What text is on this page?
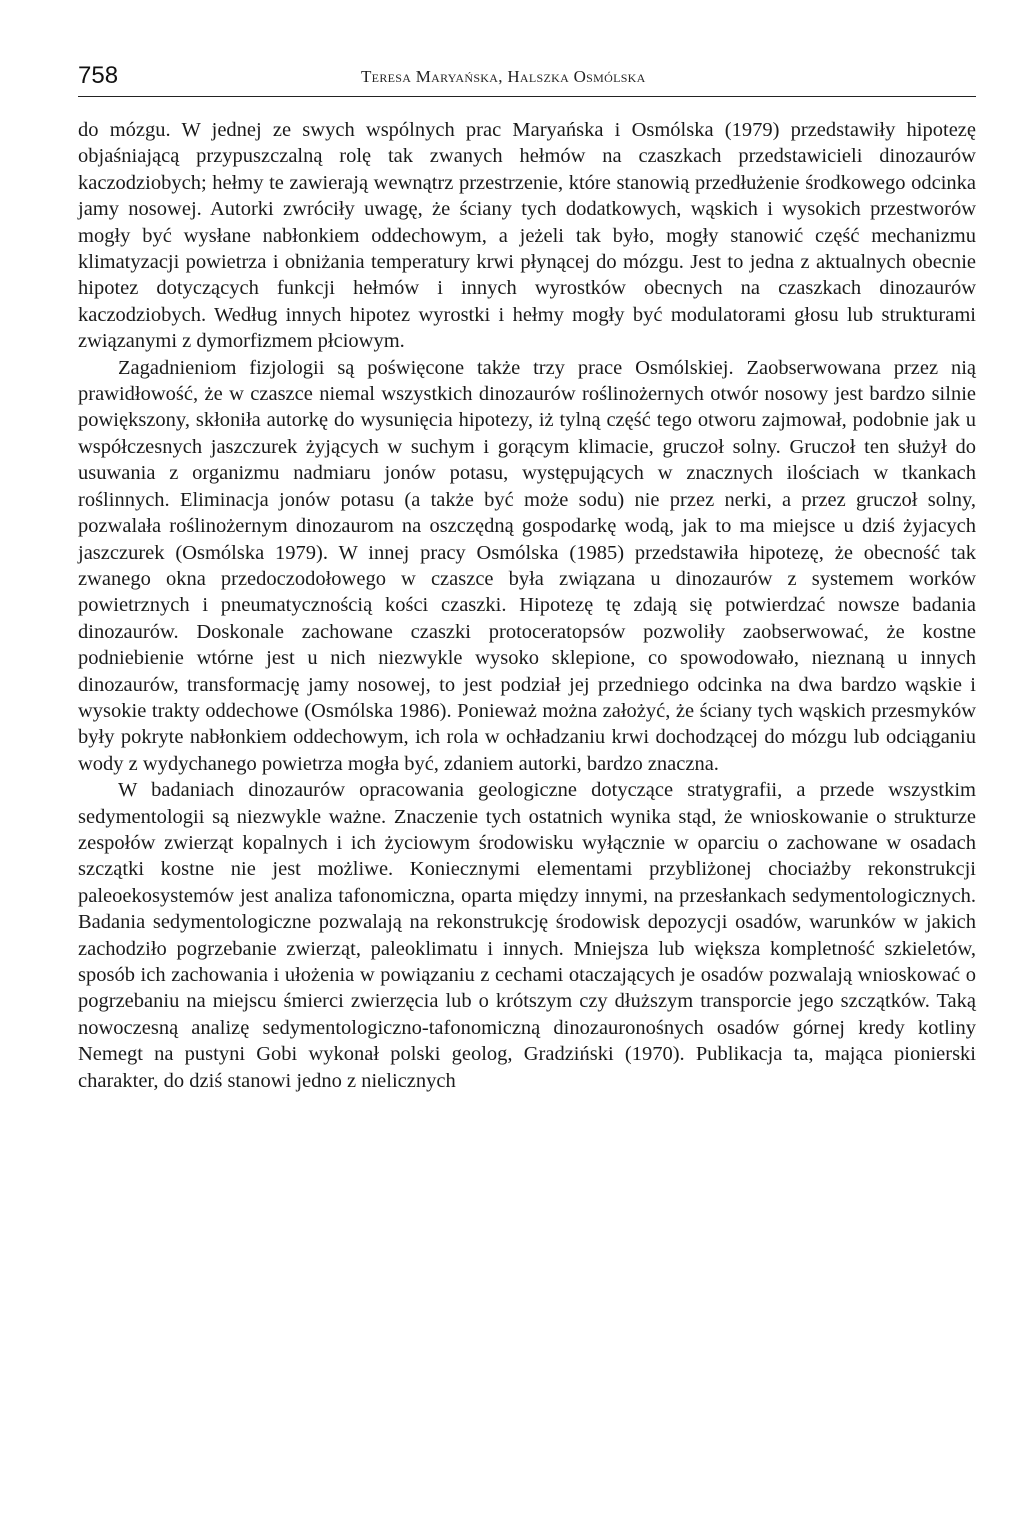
758	Teresa Maryańska, Halszka Osmólska

do mózgu. W jednej ze swych wspólnych prac Maryańska i Osmólska (1979) przedstawiły hipotezę objaśniającą przypuszczalną rolę tak zwanych hełmów na czaszkach przedstawicieli dinozaurów kaczodziobych; hełmy te zawierają wewnątrz przestrzenie, które stanowią przedłużenie środkowego odcinka jamy nosowej. Autorki zwróciły uwagę, że ściany tych dodatkowych, wąskich i wysokich przestworów mogły być wysłane nabłonkiem oddechowym, a jeżeli tak było, mogły stanowić część mechanizmu klimatyzacji powietrza i obniżania temperatury krwi płynącej do mózgu. Jest to jedna z aktualnych obecnie hipotez dotyczących funkcji hełmów i innych wyrostków obecnych na czaszkach dinozaurów kaczodziobych. Według innych hipotez wyrostki i hełmy mogły być modulatorami głosu lub strukturami związanymi z dymorfizmem płciowym.

Zagadnieniom fizjologii są poświęcone także trzy prace Osmólskiej. Zaobserwowana przez nią prawidłowość, że w czaszce niemal wszystkich dinozaurów roślinożernych otwór nosowy jest bardzo silnie powiększony, skłoniła autorkę do wysunięcia hipotezy, iż tylną część tego otworu zajmował, podobnie jak u współczesnych jaszczurek żyjących w suchym i gorącym klimacie, gruczoł solny. Gruczoł ten służył do usuwania z organizmu nadmiaru jonów potasu, występujących w znacznych ilościach w tkankach roślinnych. Eliminacja jonów potasu (a także być może sodu) nie przez nerki, a przez gruczoł solny, pozwalała roślinożernym dinozaurom na oszczędną gospodarkę wodą, jak to ma miejsce u dziś żyjacych jaszczurek (Osmólska 1979). W innej pracy Osmólska (1985) przedstawiła hipotezę, że obecność tak zwanego okna przedoczodołowego w czaszce była związana u dinozaurów z systemem worków powietrznych i pneumatycznością kości czaszki. Hipotezę tę zdają się potwierdzać nowsze badania dinozaurów. Doskonale zachowane czaszki protoceratopsów pozwoliły zaobserwować, że kostne podniebienie wtórne jest u nich niezwykle wysoko sklepione, co spowodowało, nieznaną u innych dinozaurów, transformację jamy nosowej, to jest podział jej przedniego odcinka na dwa bardzo wąskie i wysokie trakty oddechowe (Osmólska 1986). Ponieważ można założyć, że ściany tych wąskich przesmyków były pokryte nabłonkiem oddechowym, ich rola w ochładzaniu krwi dochodzącej do mózgu lub odciąganiu wody z wydychanego powietrza mogła być, zdaniem autorki, bardzo znaczna.

W badaniach dinozaurów opracowania geologiczne dotyczące stratygrafii, a przede wszystkim sedymentologii są niezwykle ważne. Znaczenie tych ostatnich wynika stąd, że wnioskowanie o strukturze zespołów zwierząt kopalnych i ich życiowym środowisku wyłącznie w oparciu o zachowane w osadach szczątki kostne nie jest możliwe. Koniecznymi elementami przybliżonej chociażby rekonstrukcji paleoekosystemów jest analiza tafonomiczna, oparta między innymi, na przesłankach sedymentologicznych. Badania sedymentologiczne pozwalają na rekonstrukcję środowisk depozycji osadów, warunków w jakich zachodziło pogrzebanie zwierząt, paleoklimatu i innych. Mniejsza lub większa kompletność szkieletów, sposób ich zachowania i ułożenia w powiązaniu z cechami otaczających je osadów pozwalają wnioskować o pogrzebaniu na miejscu śmierci zwierzęcia lub o krótszym czy dłuższym transporcie jego szczątków. Taką nowoczesną analizę sedymentologiczno-tafonomiczną dinozauronośnych osadów górnej kredy kotliny Nemegt na pustyni Gobi wykonał polski geolog, Gradziński (1970). Publikacja ta, mająca pionierski charakter, do dziś stanowi jedno z nielicznych
